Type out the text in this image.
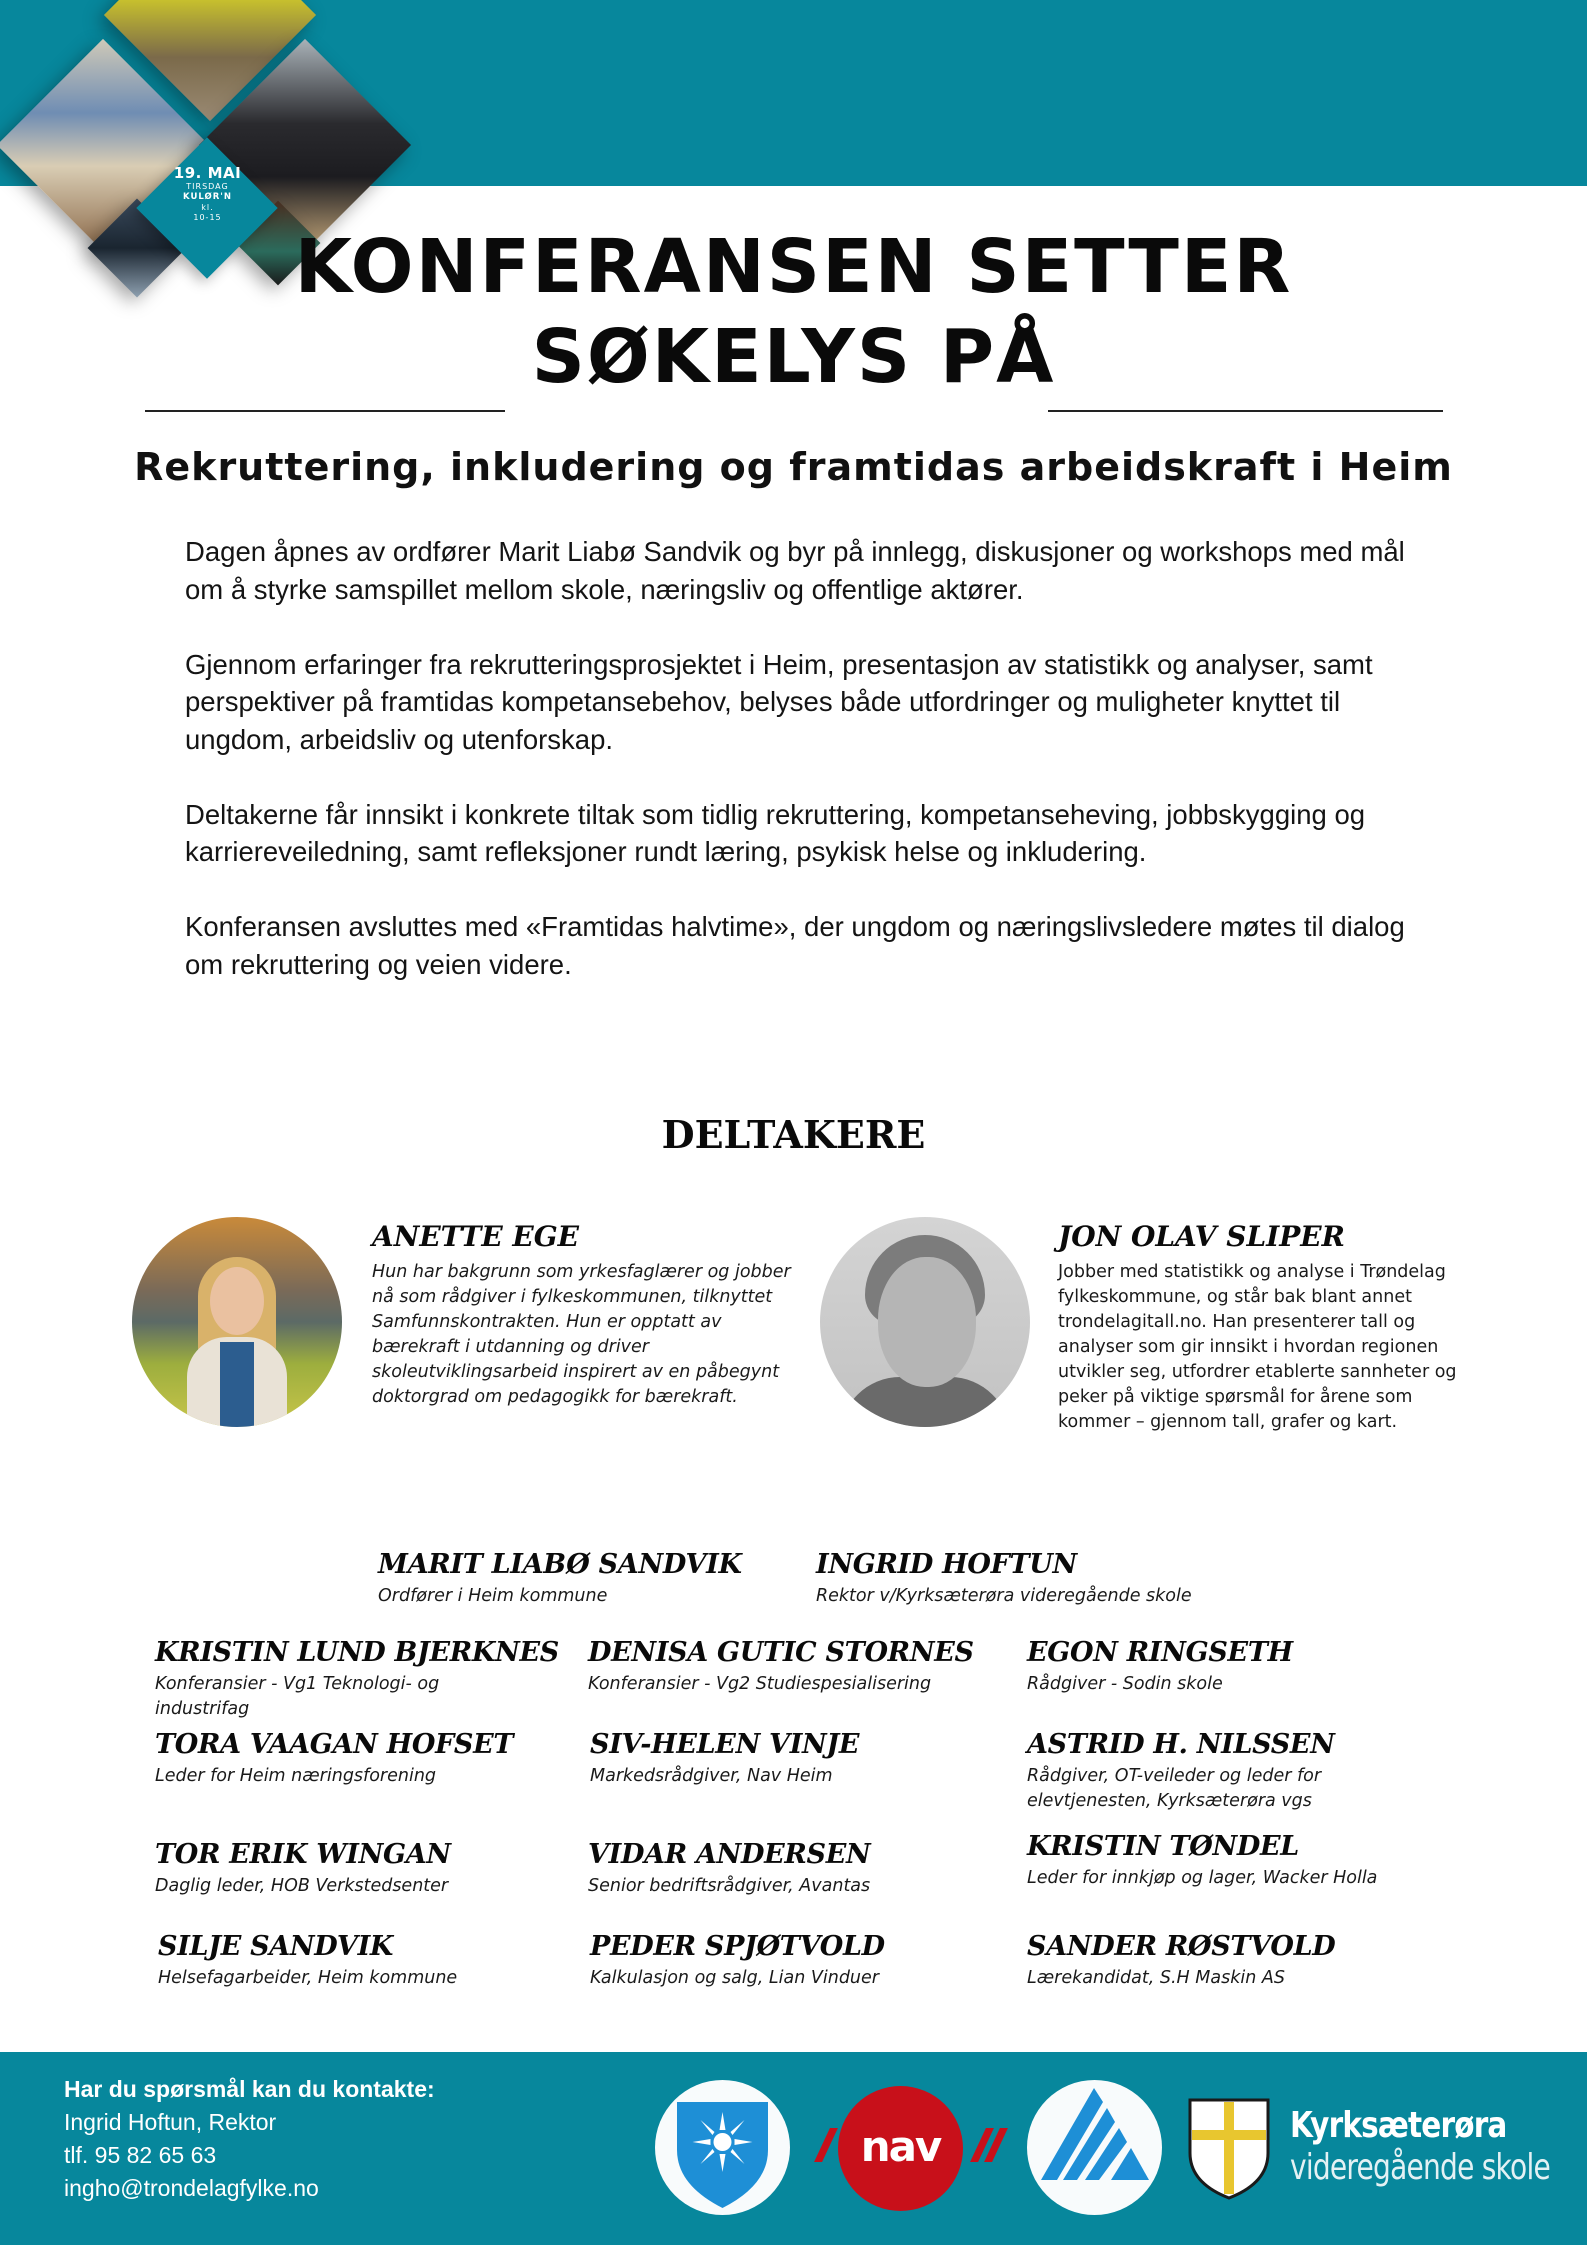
19. MAI
TIRSDAG
KULØR'N
kl.
10-15
KONFERANSEN SETTER
SØKELYS PÅ
Rekruttering, inkludering og framtidas arbeidskraft i Heim

Dagen åpnes av ordfører Marit Liabø Sandvik og byr på innlegg, diskusjoner og workshops med mål om å styrke samspillet mellom skole, næringsliv og offentlige aktører.

Gjennom erfaringer fra rekrutteringsprosjektet i Heim, presentasjon av statistikk og analyser, samt perspektiver på framtidas kompetansebehov, belyses både utfordringer og muligheter knyttet til ungdom, arbeidsliv og utenforskap.

Deltakerne får innsikt i konkrete tiltak som tidlig rekruttering, kompetanseheving, jobbskygging og karriereveiledning, samt refleksjoner rundt læring, psykisk helse og inkludering.

Konferansen avsluttes med «Framtidas halvtime», der ungdom og næringslivsledere møtes til dialog om rekruttering og veien videre.

DELTAKERE
ANETTE EGE
Hun har bakgrunn som yrkesfaglærer og jobber nå som rådgiver i fylkeskommunen, tilknyttet Samfunnskontrakten. Hun er opptatt av bærekraft i utdanning og driver skoleutviklingsarbeid inspirert av en påbegynt doktorgrad om pedagogikk for bærekraft.
JON OLAV SLIPER
Jobber med statistikk og analyse i Trøndelag fylkeskommune, og står bak blant annet trondelagitall.no. Han presenterer tall og analyser som gir innsikt i hvordan regionen utvikler seg, utfordrer etablerte sannheter og peker på viktige spørsmål for årene som kommer – gjennom tall, grafer og kart.
MARIT LIABØ SANDVIK
Ordfører i Heim kommune
INGRID HOFTUN
Rektor v/Kyrksæterøra videregående skole
KRISTIN LUND BJERKNES
Konferansier - Vg1 Teknologi- og industrifag
DENISA GUTIC STORNES
Konferansier - Vg2 Studiespesialisering
EGON RINGSETH
Rådgiver - Sodin skole
TORA VAAGAN HOFSET
Leder for Heim næringsforening
SIV-HELEN VINJE
Markedsrådgiver, Nav Heim
ASTRID H. NILSSEN
Rådgiver, OT-veileder og leder for elevtjenesten, Kyrksæterøra vgs
TOR ERIK WINGAN
Daglig leder, HOB Verkstedsenter
VIDAR ANDERSEN
Senior bedriftsrådgiver, Avantas
KRISTIN TØNDEL
Leder for innkjøp og lager, Wacker Holla
SILJE SANDVIK
Helsefagarbeider, Heim kommune
PEDER SPJØTVOLD
Kalkulasjon og salg, Lian Vinduer
SANDER RØSTVOLD
Lærekandidat, S.H Maskin AS
Har du spørsmål kan du kontakte:
Ingrid Hoftun, Rektor
tlf. 95 82 65 63
ingho@trondelagfylke.no
nav	Kyrksæterøra
videregående skole
